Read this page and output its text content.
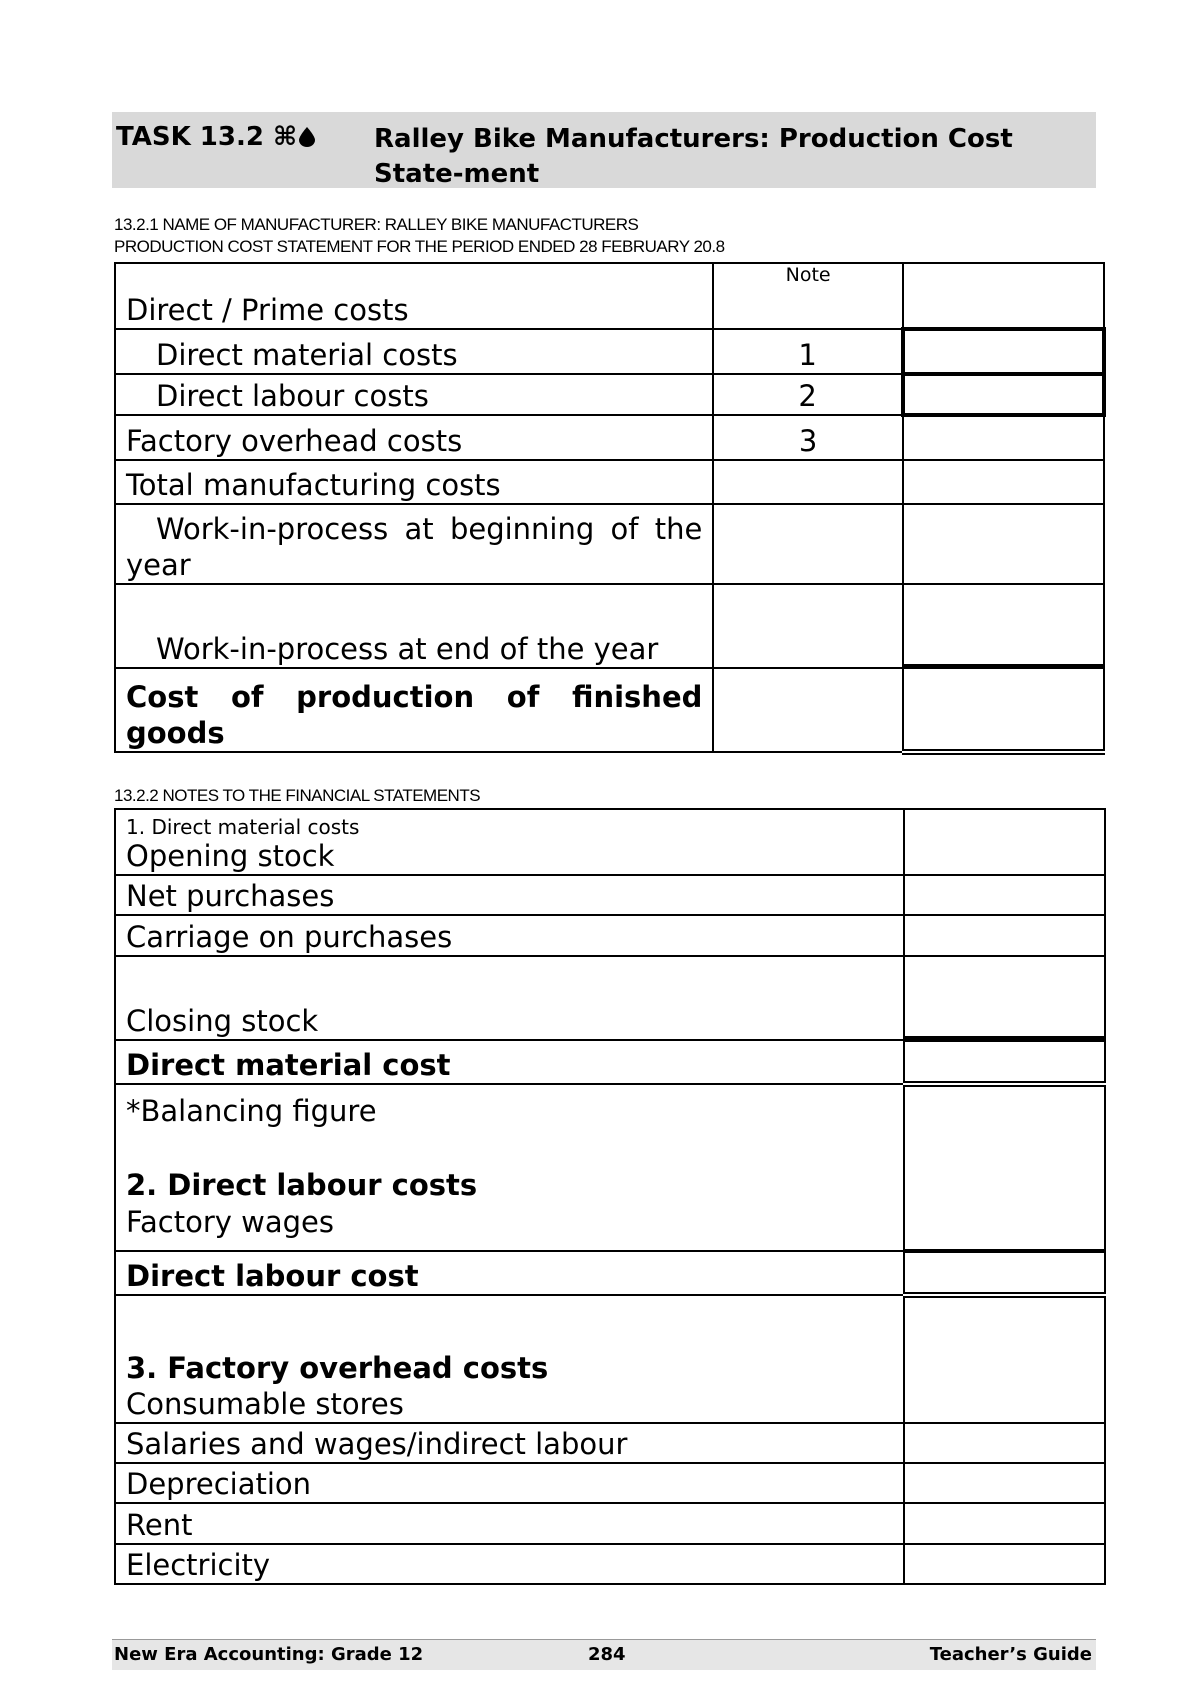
TASK 13.2 ⌘	Ralley Bike Manufacturers: Production Cost State-ment
13.2.1 NAME OF MANUFACTURER: RALLEY BIKE MANUFACTURERS
PRODUCTION COST STATEMENT FOR THE PERIOD ENDED 28 FEBRUARY 20.8
Direct / Prime costs	Note	
Direct material costs	1	
Direct labour costs	2	
Factory overhead costs	3	
Total manufacturing costs		
Work-in-process at beginning of the year		
Work-in-process at end of the year		

Cost of production of finished goods		
13.2.2 NOTES TO THE FINANCIAL STATEMENTS
1. Direct material costs
Opening stock	

Net purchases	
Carriage on purchases	
Closing stock	

Direct material cost	

*Balancing figure
2. Direct labour costs
Factory wages	

Direct labour cost	

3. Factory overhead costs
Consumable stores	

Salaries and wages/indirect labour	
Depreciation	
Rent	
Electricity	
New Era Accounting: Grade 12	284	Teacher’s Guide
